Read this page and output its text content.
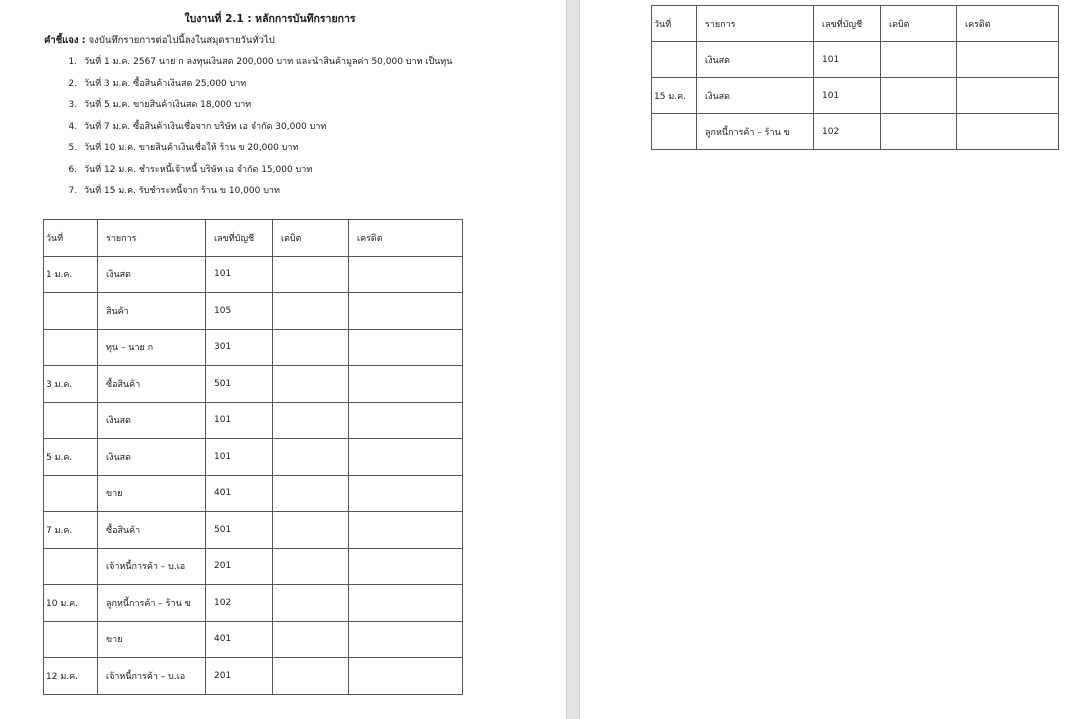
ใบงานที่ 2.1 : หลักการบันทึกรายการ
คำชี้แจง : จงบันทึกรายการต่อไปนี้ลงในสมุดรายวันทั่วไป
1. วันที่ 1 ม.ค. 2567 นาย ก ลงทุนเงินสด 200,000 บาท และนำสินค้ามูลค่า 50,000 บาท เป็นทุน
2. วันที่ 3 ม.ค. ซื้อสินค้าเงินสด 25,000 บาท
3. วันที่ 5 ม.ค. ขายสินค้าเงินสด 18,000 บาท
4. วันที่ 7 ม.ค. ซื้อสินค้าเงินเชื่อจาก บริษัท เอ จำกัด 30,000 บาท
5. วันที่ 10 ม.ค. ขายสินค้าเงินเชื่อให้ ร้าน ข 20,000 บาท
6. วันที่ 12 ม.ค. ชำระหนี้เจ้าหนี้ บริษัท เอ จำกัด 15,000 บาท
7. วันที่ 15 ม.ค. รับชำระหนี้จาก ร้าน ข 10,000 บาท
วันที่	รายการ	เลขที่บัญชี	เดบิต	เครดิต
1 ม.ค.	เงินสด	101		
	สินค้า	105		
	ทุน – นาย ก	301		
3 ม.ค.	ซื้อสินค้า	501		
	เงินสด	101		
5 ม.ค.	เงินสด	101		
	ขาย	401		
7 ม.ค.	ซื้อสินค้า	501		
	เจ้าหนี้การค้า – บ.เอ	201		
10 ม.ค.	ลูกหนี้การค้า – ร้าน ข	102		
	ขาย	401		
12 ม.ค.	เจ้าหนี้การค้า – บ.เอ	201		
วันที่	รายการ	เลขที่บัญชี	เดบิต	เครดิต
	เงินสด	101		
15 ม.ค.	เงินสด	101		
	ลูกหนี้การค้า – ร้าน ข	102		
